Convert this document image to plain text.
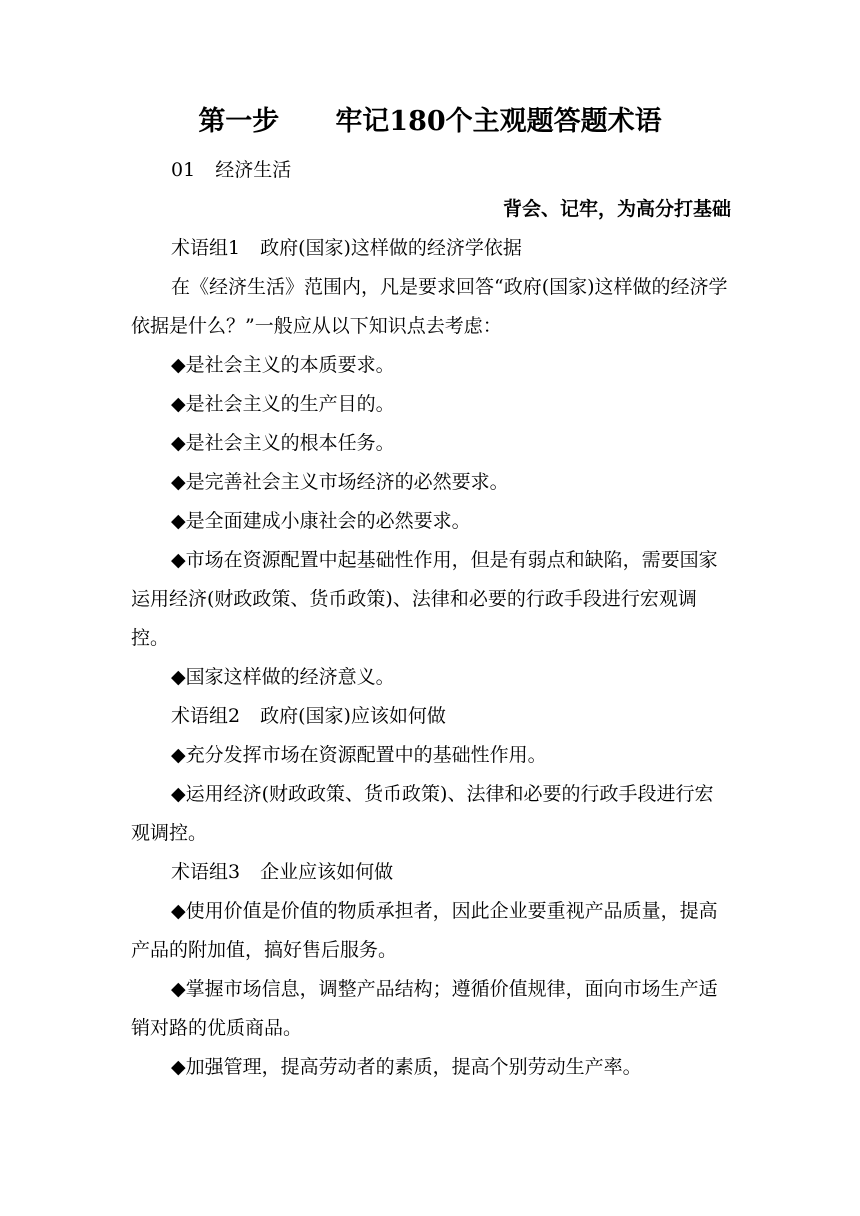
第一步 牢记180个主观题答题术语

01 经济生活

背会、记牢，为高分打基础

术语组1 政府(国家)这样做的经济学依据

在《经济生活》范围内，凡是要求回答“政府(国家)这样做的经济学依据是什么？”一般应从以下知识点去考虑：

◆是社会主义的本质要求。

◆是社会主义的生产目的。

◆是社会主义的根本任务。

◆是完善社会主义市场经济的必然要求。

◆是全面建成小康社会的必然要求。

◆市场在资源配置中起基础性作用，但是有弱点和缺陷，需要国家运用经济(财政政策、货币政策)、法律和必要的行政手段进行宏观调控。

◆国家这样做的经济意义。

术语组2 政府(国家)应该如何做

◆充分发挥市场在资源配置中的基础性作用。

◆运用经济(财政政策、货币政策)、法律和必要的行政手段进行宏观调控。

术语组3 企业应该如何做

◆使用价值是价值的物质承担者，因此企业要重视产品质量，提高产品的附加值，搞好售后服务。

◆掌握市场信息，调整产品结构；遵循价值规律，面向市场生产适销对路的优质商品。

◆加强管理，提高劳动者的素质，提高个别劳动生产率。
